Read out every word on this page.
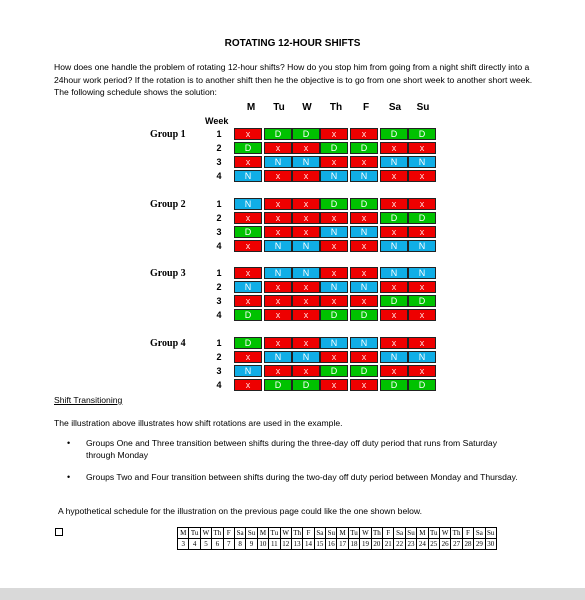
ROTATING 12-HOUR SHIFTS
How does one handle the problem of rotating 12-hour shifts? How do you stop him from going from a night shift directly into a 24hour work period? If the rotation is to another shift then he the objective is to go from one short week to another short week. The following schedule shows the solution:
M	Tu	W	Th	F	Sa	Su
Week
Group 1	1	x	D	D	x	x	D	D
2	D	x	x	D	D	x	x
3	x	N	N	x	x	N	N
4	N	x	x	N	N	x	x
Group 2	1	N	x	x	D	D	x	x
2	x	x	x	x	x	D	D
3	D	x	x	N	N	x	x
4	x	N	N	x	x	N	N
Group 3	1	x	N	N	x	x	N	N
2	N	x	x	N	N	x	x
3	x	x	x	x	x	D	D
4	D	x	x	D	D	x	x
Group 4	1	D	x	x	N	N	x	x
2	x	N	N	x	x	N	N
3	N	x	x	D	D	x	x
4	x	D	D	x	x	D	D
Shift Transitioning
The illustration above illustrates how shift rotations are used in the example.
• Groups One and Three transition between shifts during the three-day off duty period that runs from Saturday through Monday
• Groups Two and Four transition between shifts during the two-day off duty period between Monday and Thursday.
A hypothetical schedule for the illustration on the previous page could like the one shown below.
M	Tu	W	Th	F	Sa	Su	M	Tu	W	Th	F	Sa	Su	M	Tu	W	Th	F	Sa	Su	M	Tu	W	Th	F	Sa	Su
3	4	5	6	7	8	9	10	11	12	13	14	15	16	17	18	19	20	21	22	23	24	25	26	27	28	29	30
